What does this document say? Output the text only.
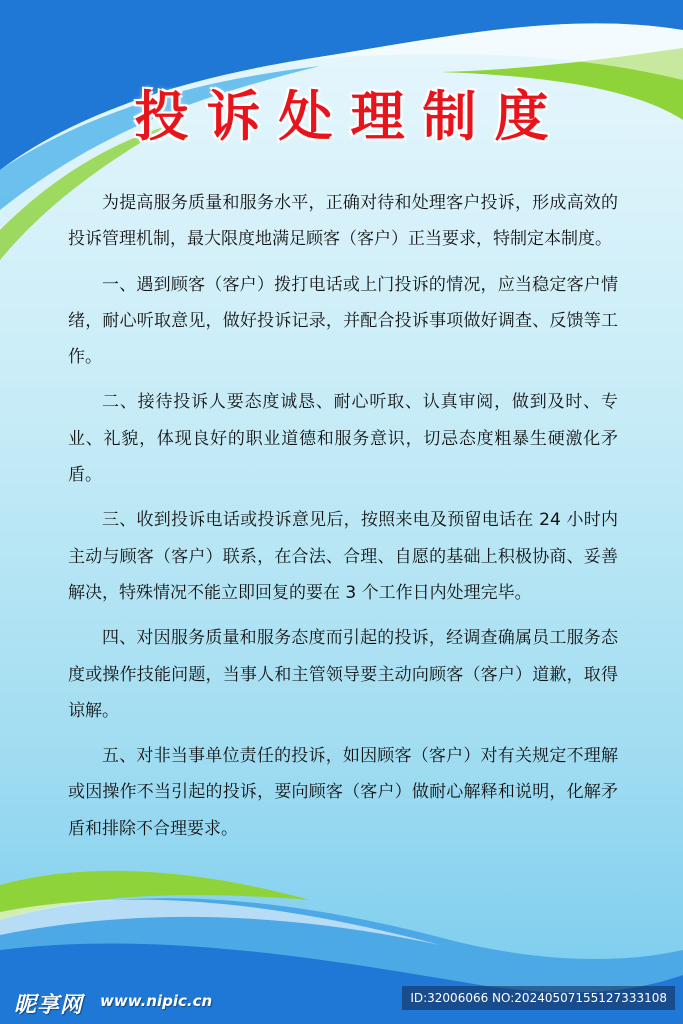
投诉处理制度

为提高服务质量和服务水平，正确对待和处理客户投诉，形成高效的投诉管理机制，最大限度地满足顾客（客户）正当要求，特制定本制度。

一、遇到顾客（客户）拨打电话或上门投诉的情况，应当稳定客户情绪，耐心听取意见，做好投诉记录，并配合投诉事项做好调查、反馈等工作。

二、接待投诉人要态度诚恳、耐心听取、认真审阅，做到及时、专业、礼貌，体现良好的职业道德和服务意识，切忌态度粗暴生硬激化矛盾。

三、收到投诉电话或投诉意见后，按照来电及预留电话在 24 小时内主动与顾客（客户）联系，在合法、合理、自愿的基础上积极协商、妥善解决，特殊情况不能立即回复的要在 3 个工作日内处理完毕。

四、对因服务质量和服务态度而引起的投诉，经调查确属员工服务态度或操作技能问题，当事人和主管领导要主动向顾客（客户）道歉，取得谅解。

五、对非当事单位责任的投诉，如因顾客（客户）对有关规定不理解或因操作不当引起的投诉，要向顾客（客户）做耐心解释和说明，化解矛盾和排除不合理要求。

昵享网 www.nipic.cn	ID:32006066 NO:20240507155127333108
